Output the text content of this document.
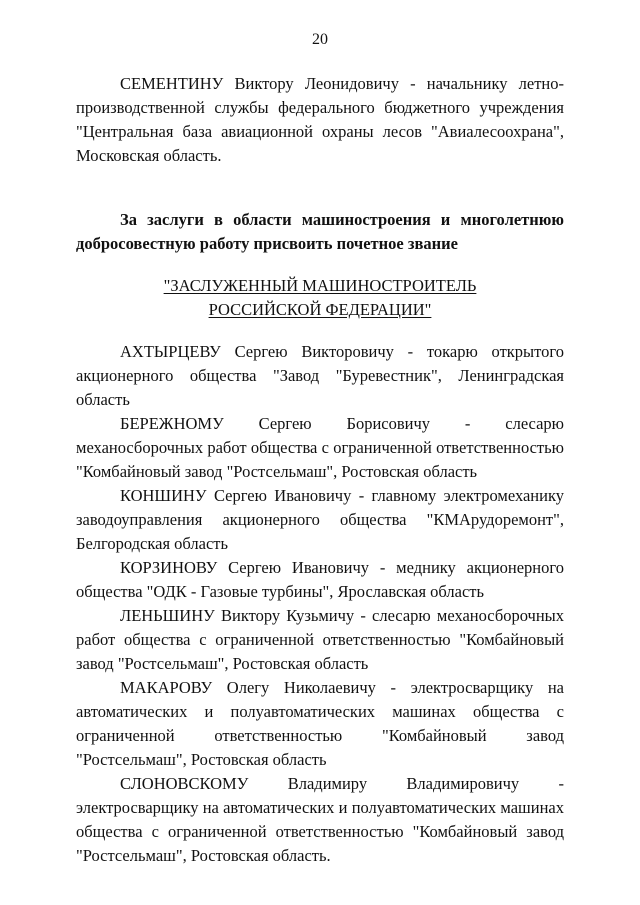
20

СЕМЕНТИНУ Виктору Леонидовичу - начальнику летно-производственной службы федерального бюджетного учреждения "Центральная база авиационной охраны лесов "Авиалесоохрана", Московская область.

За заслуги в области машиностроения и многолетнюю добросовестную работу присвоить почетное звание

"ЗАСЛУЖЕННЫЙ МАШИНОСТРОИТЕЛЬ
РОССИЙСКОЙ ФЕДЕРАЦИИ"

АХТЫРЦЕВУ Сергею Викторовичу - токарю открытого акционерного общества "Завод "Буревестник", Ленинградская область

БЕРЕЖНОМУ Сергею Борисовичу - слесарю механосборочных работ общества с ограниченной ответственностью "Комбайновый завод "Ростсельмаш", Ростовская область

КОНШИНУ Сергею Ивановичу - главному электромеханику заводоуправления акционерного общества "КМАрудоремонт", Белгородская область

КОРЗИНОВУ Сергею Ивановичу - меднику акционерного общества "ОДК - Газовые турбины", Ярославская область

ЛЕНЬШИНУ Виктору Кузьмичу - слесарю механосборочных работ общества с ограниченной ответственностью "Комбайновый завод "Ростсельмаш", Ростовская область

МАКАРОВУ Олегу Николаевичу - электросварщику на автоматических и полуавтоматических машинах общества с ограниченной ответственностью "Комбайновый завод "Ростсельмаш", Ростовская область

СЛОНОВСКОМУ Владимиру Владимировичу - электросварщику на автоматических и полуавтоматических машинах общества с ограниченной ответственностью "Комбайновый завод "Ростсельмаш", Ростовская область.
